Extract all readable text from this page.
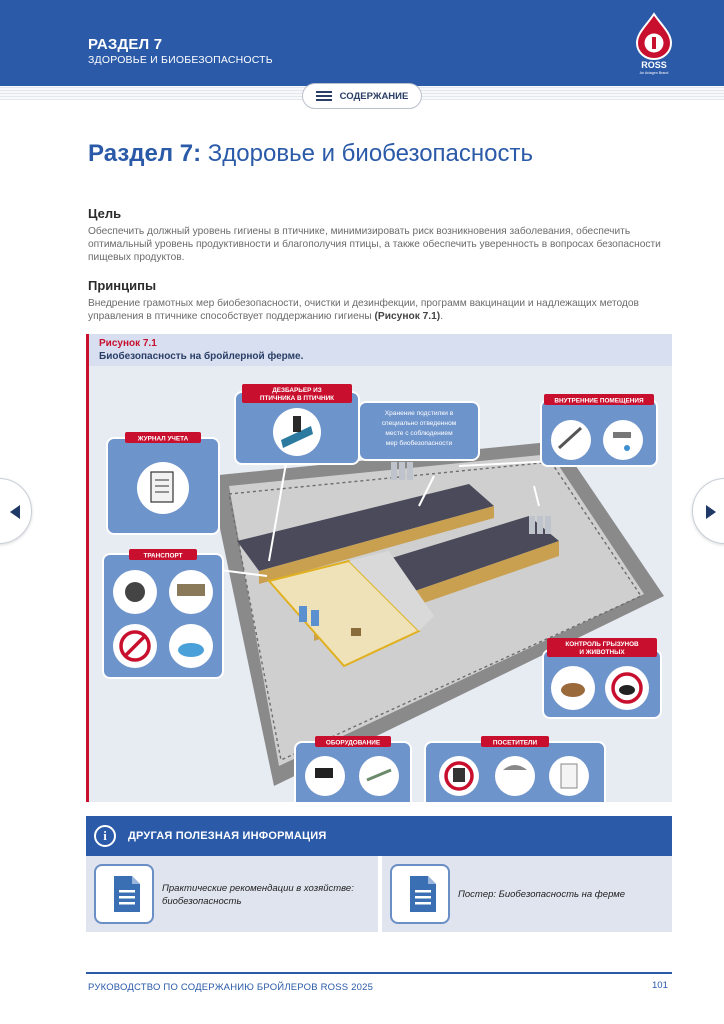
РАЗДЕЛ 7
ЗДОРОВЬЕ И БИОБЕЗОПАСНОСТЬ	ROSS
An Aviagen Brand
СОДЕРЖАНИЕ
Раздел 7: Здоровье и биобезопасность
Цель
Обеспечить должный уровень гигиены в птичнике, минимизировать риск возникновения заболевания, обеспечить оптимальный уровень продуктивности и благополучия птицы, а также обеспечить уверенность в вопросах безопасности пищевых продуктов.
Принципы
Внедрение грамотных мер биобезопасности, очистки и дезинфекции, программ вакцинации и надлежащих методов управления в птичнике способствует поддержанию гигиены (Рисунок 7.1).
Рисунок 7.1
Биобезопасность на бройлерной ферме.
ЖУРНАЛ УЧЕТА
ДЕЗБАРЬЕР ИЗ
ПТИЧНИКА В ПТИЧНИК
ТРАНСПОРТ
Хранение подстилки в
специально отведенном
месте с соблюдением
мер биобезопасности
ВНУТРЕННИЕ ПОМЕЩЕНИЯ
КОНТРОЛЬ ГРЫЗУНОВ
И ЖИВОТНЫХ
ОБОРУДОВАНИЕ	ПОСЕТИТЕЛИ
i	ДРУГАЯ ПОЛЕЗНАЯ ИНФОРМАЦИЯ
Практические рекомендации в хозяйстве:
биобезопасность
Постер: Биобезопасность на ферме
РУКОВОДСТВО ПО СОДЕРЖАНИЮ БРОЙЛЕРОВ ROSS 2025	101
